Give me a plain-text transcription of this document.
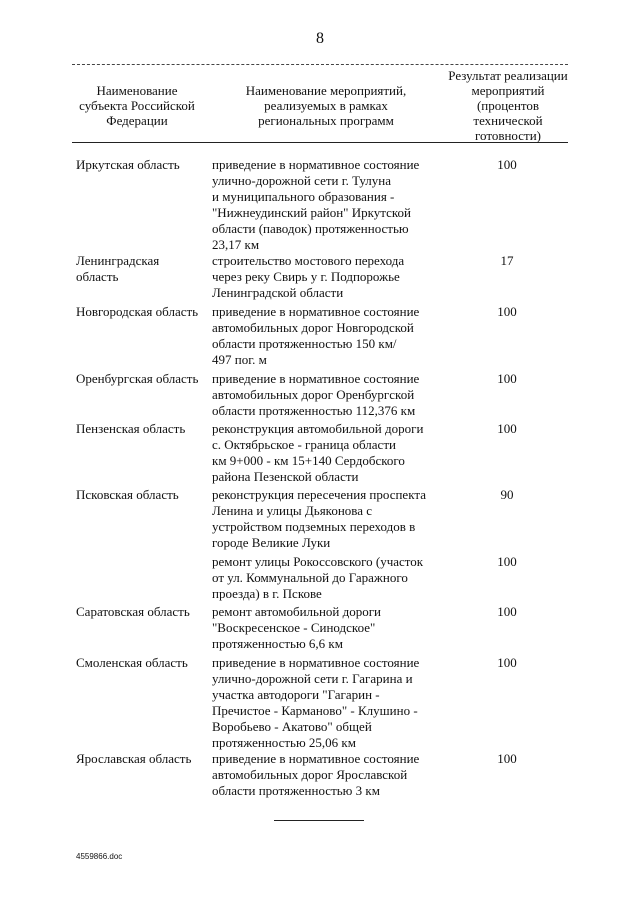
8
Наименование
субъекта Российской
Федерации
Наименование мероприятий,
реализуемых в рамках
региональных программ
Результат реализации
мероприятий
(процентов
технической
готовности)
Иркутская область приведение в нормативное состояние
улично-дорожной сети г. Тулуна
и муниципального образования -
"Нижнеудинский район" Иркутской
области (паводок) протяженностью
23,17 км
100
Ленинградская
область
строительство мостового перехода
через реку Свирь у г. Подпорожье
Ленинградской области
17
Новгородская область приведение в нормативное состояние
автомобильных дорог Новгородской
области протяженностью 150 км/
497 пог. м
100
Оренбургская область приведение в нормативное состояние
автомобильных дорог Оренбургской
области протяженностью 112,376 км
100
Пензенская область реконструкция автомобильной дороги
с. Октябрьское - граница области
км 9+000 - км 15+140 Сердобского
района Пезенской области
100
Псковская область	реконструкция пересечения проспекта
Ленина и улицы Дьяконова с
устройством подземных переходов в
городе Великие Луки
90
ремонт улицы Рокоссовского (участок
от ул. Коммунальной до Гаражного
проезда) в г. Пскове
100
Саратовская область ремонт автомобильной дороги
"Воскресенское - Синодское"
протяженностью 6,6 км
100
Смоленская область приведение в нормативное состояние
улично-дорожной сети г. Гагарина и
участка автодороги "Гагарин -
Пречистое - Карманово" - Клушино -
Воробьево - Акатово" общей
протяженностью 25,06 км
100
Ярославская область приведение в нормативное состояние
автомобильных дорог Ярославской
области протяженностью 3 км
100
4559866.doc
